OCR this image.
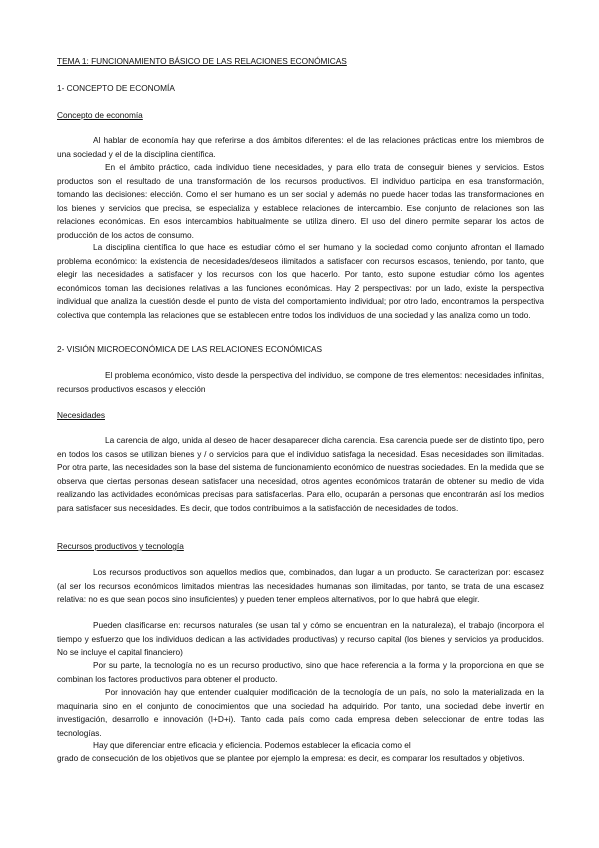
TEMA 1: FUNCIONAMIENTO BÁSICO DE LAS RELACIONES ECONÓMICAS
1- CONCEPTO DE ECONOMÍA
Concepto de economía
Al hablar de economía hay que referirse a dos ámbitos diferentes: el de las relaciones prácticas entre los miembros de una sociedad y el de la disciplina científica.
En el ámbito práctico, cada individuo tiene necesidades, y para ello trata de conseguir bienes y servicios. Estos productos son el resultado de una transformación de los recursos productivos. El individuo participa en esa transformación, tomando las decisiones: elección. Como el ser humano es un ser social y además no puede hacer todas las transformaciones en los bienes y servicios que precisa, se especializa y establece relaciones de intercambio. Ese conjunto de relaciones son las relaciones económicas. En esos intercambios habitualmente se utiliza dinero. El uso del dinero permite separar los actos de producción de los actos de consumo.
La disciplina científica lo que hace es estudiar cómo el ser humano y la sociedad como conjunto afrontan el llamado problema económico: la existencia de necesidades/deseos ilimitados a satisfacer con recursos escasos, teniendo, por tanto, que elegir las necesidades a satisfacer y los recursos con los que hacerlo. Por tanto, esto supone estudiar cómo los agentes económicos toman las decisiones relativas a las funciones económicas. Hay 2 perspectivas: por un lado, existe la perspectiva individual que analiza la cuestión desde el punto de vista del comportamiento individual; por otro lado, encontramos la perspectiva colectiva que contempla las relaciones que se establecen entre todos los individuos de una sociedad y las analiza como un todo.
2- VISIÓN MICROECONÓMICA DE LAS RELACIONES ECONÓMICAS
El problema económico, visto desde la perspectiva del individuo, se compone de tres elementos: necesidades infinitas, recursos productivos escasos y elección
Necesidades
La carencia de algo, unida al deseo de hacer desaparecer dicha carencia. Esa carencia puede ser de distinto tipo, pero en todos los casos se utilizan bienes y / o servicios para que el individuo satisfaga la necesidad. Esas necesidades son ilimitadas. Por otra parte, las necesidades son la base del sistema de funcionamiento económico de nuestras sociedades. En la medida que se observa que ciertas personas desean satisfacer una necesidad, otros agentes económicos tratarán de obtener su medio de vida realizando las actividades económicas precisas para satisfacerlas. Para ello, ocuparán a personas que encontrarán así los medios para satisfacer sus necesidades. Es decir, que todos contribuimos a la satisfacción de necesidades de todos.
Recursos productivos y tecnología
Los recursos productivos son aquellos medios que, combinados, dan lugar a un producto. Se caracterizan por: escasez (al ser los recursos económicos limitados mientras las necesidades humanas son ilimitadas, por tanto, se trata de una escasez relativa: no es que sean pocos sino insuficientes) y pueden tener empleos alternativos, por lo que habrá que elegir.
Pueden clasificarse en: recursos naturales (se usan tal y cómo se encuentran en la naturaleza), el trabajo (incorpora el tiempo y esfuerzo que los individuos dedican a las actividades productivas) y recurso capital (los bienes y servicios ya producidos. No se incluye el capital financiero)
Por su parte, la tecnología no es un recurso productivo, sino que hace referencia a la forma y la proporciona en que se combinan los factores productivos para obtener el producto.
Por innovación hay que entender cualquier modificación de la tecnología de un país, no solo la materializada en la maquinaria sino en el conjunto de conocimientos que una sociedad ha adquirido. Por tanto, una sociedad debe invertir en investigación, desarrollo e innovación (I+D+i). Tanto cada país como cada empresa deben seleccionar de entre todas las tecnologías.
Hay que diferenciar entre eficacia y eficiencia. Podemos establecer la eficacia como el
grado de consecución de los objetivos que se plantee por ejemplo la empresa: es decir, es comparar los resultados y objetivos.
